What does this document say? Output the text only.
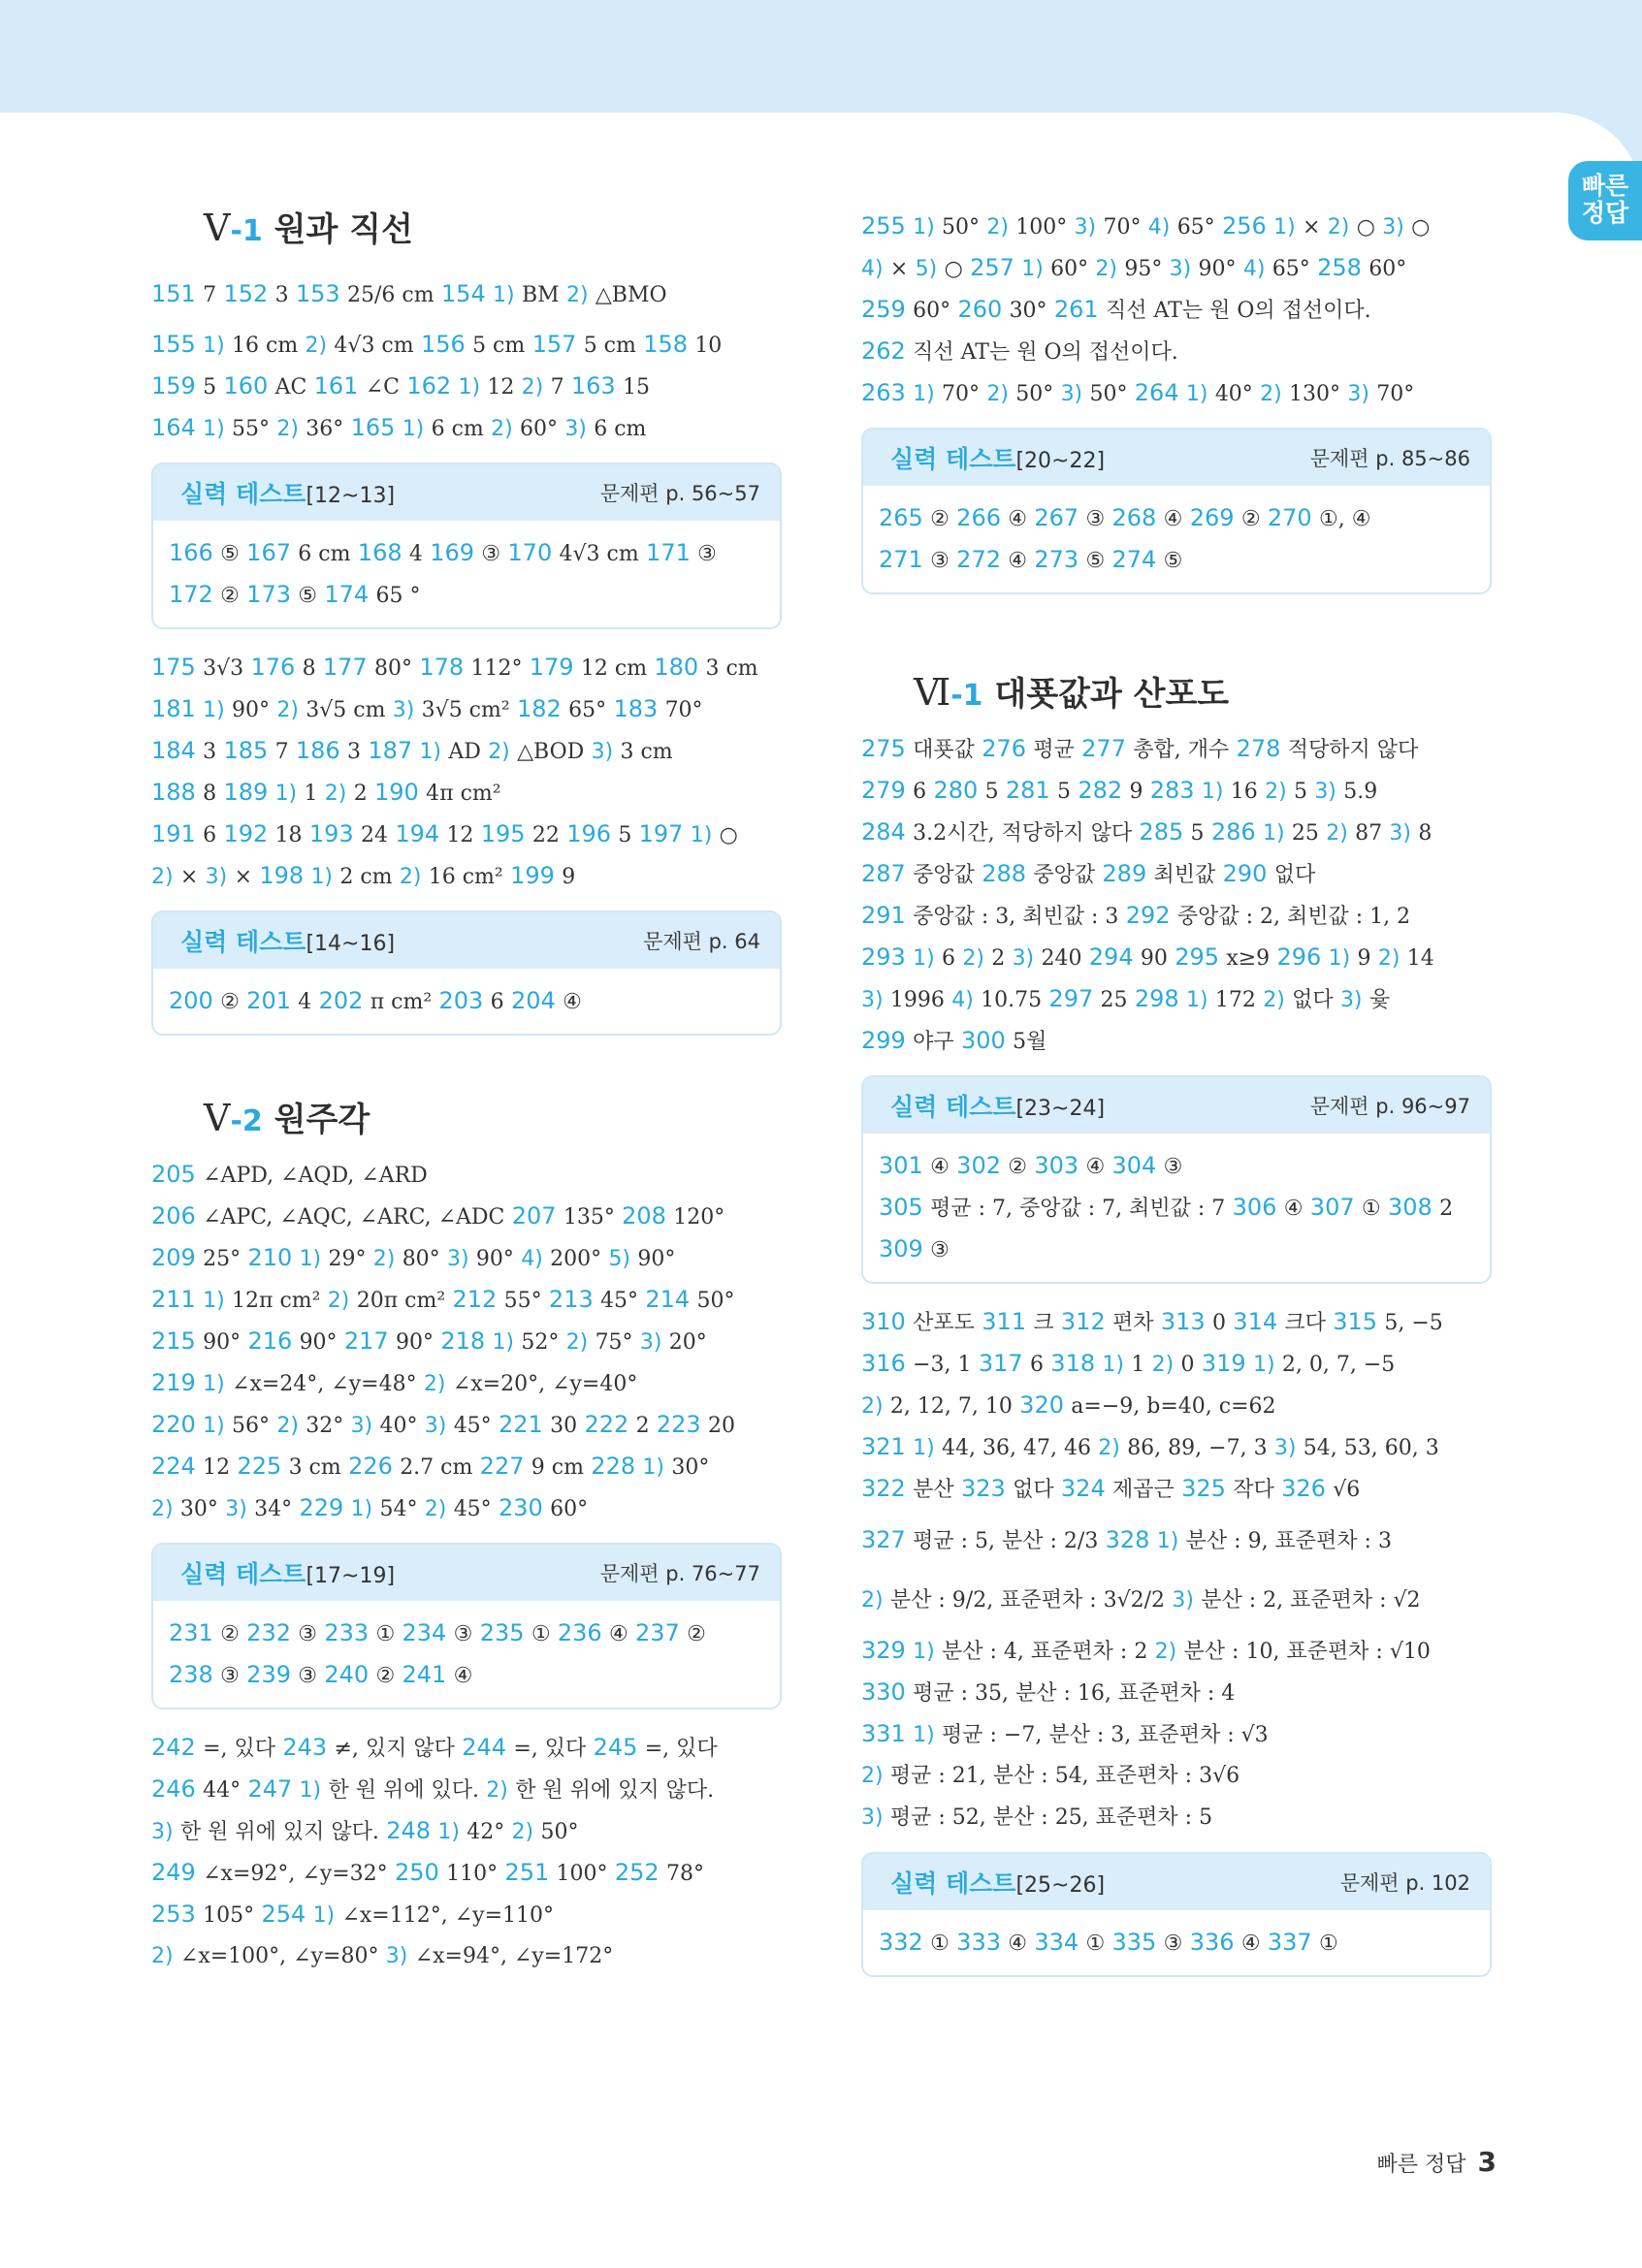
빠른
정답
Ⅴ-1 원과 직선
151 7 152 3 153 25/6 cm 154 1) BM 2) △BMO
155 1) 16 cm 2) 4√3 cm 156 5 cm 157 5 cm 158 10
159 5 160 AC 161 ∠C 162 1) 12 2) 7 163 15
164 1) 55° 2) 36° 165 1) 6 cm 2) 60° 3) 6 cm
실력 테스트[12~13]	문제편 p. 56~57
166 ⑤ 167 6 cm 168 4 169 ③ 170 4√3 cm 171 ③
172 ② 173 ⑤ 174 65 °
175 3√3 176 8 177 80° 178 112° 179 12 cm 180 3 cm
181 1) 90° 2) 3√5 cm 3) 3√5 cm² 182 65° 183 70°
184 3 185 7 186 3 187 1) AD 2) △BOD 3) 3 cm
188 8 189 1) 1 2) 2 190 4π cm²
191 6 192 18 193 24 194 12 195 22 196 5 197 1) ○
2) × 3) × 198 1) 2 cm 2) 16 cm² 199 9
실력 테스트[14~16]	문제편 p. 64
200 ② 201 4 202 π cm² 203 6 204 ④
Ⅴ-2 원주각
205 ∠APD, ∠AQD, ∠ARD
206 ∠APC, ∠AQC, ∠ARC, ∠ADC 207 135° 208 120°
209 25° 210 1) 29° 2) 80° 3) 90° 4) 200° 5) 90°
211 1) 12π cm² 2) 20π cm² 212 55° 213 45° 214 50°
215 90° 216 90° 217 90° 218 1) 52° 2) 75° 3) 20°
219 1) ∠x=24°, ∠y=48° 2) ∠x=20°, ∠y=40°
220 1) 56° 2) 32° 3) 40° 3) 45° 221 30 222 2 223 20
224 12 225 3 cm 226 2.7 cm 227 9 cm 228 1) 30°
2) 30° 3) 34° 229 1) 54° 2) 45° 230 60°
실력 테스트[17~19]	문제편 p. 76~77
231 ② 232 ③ 233 ① 234 ③ 235 ① 236 ④ 237 ②
238 ③ 239 ③ 240 ② 241 ④
242 =, 있다 243 ≠, 있지 않다 244 =, 있다 245 =, 있다
246 44° 247 1) 한 원 위에 있다. 2) 한 원 위에 있지 않다.
3) 한 원 위에 있지 않다. 248 1) 42° 2) 50°
249 ∠x=92°, ∠y=32° 250 110° 251 100° 252 78°
253 105° 254 1) ∠x=112°, ∠y=110°
2) ∠x=100°, ∠y=80° 3) ∠x=94°, ∠y=172°
255 1) 50° 2) 100° 3) 70° 4) 65° 256 1) × 2) ○ 3) ○
4) × 5) ○ 257 1) 60° 2) 95° 3) 90° 4) 65° 258 60°
259 60° 260 30° 261 직선 AT는 원 O의 접선이다.
262 직선 AT는 원 O의 접선이다.
263 1) 70° 2) 50° 3) 50° 264 1) 40° 2) 130° 3) 70°
실력 테스트[20~22]	문제편 p. 85~86
265 ② 266 ④ 267 ③ 268 ④ 269 ② 270 ①, ④
271 ③ 272 ④ 273 ⑤ 274 ⑤
Ⅵ-1 대푯값과 산포도
275 대푯값 276 평균 277 총합, 개수 278 적당하지 않다
279 6 280 5 281 5 282 9 283 1) 16 2) 5 3) 5.9
284 3.2시간, 적당하지 않다 285 5 286 1) 25 2) 87 3) 8
287 중앙값 288 중앙값 289 최빈값 290 없다
291 중앙값 : 3, 최빈값 : 3 292 중앙값 : 2, 최빈값 : 1, 2
293 1) 6 2) 2 3) 240 294 90 295 x≥9 296 1) 9 2) 14
3) 1996 4) 10.75 297 25 298 1) 172 2) 없다 3) 윷
299 야구 300 5월
실력 테스트[23~24]	문제편 p. 96~97
301 ④ 302 ② 303 ④ 304 ③
305 평균 : 7, 중앙값 : 7, 최빈값 : 7 306 ④ 307 ① 308 2
309 ③
310 산포도 311 크 312 편차 313 0 314 크다 315 5, −5
316 −3, 1 317 6 318 1) 1 2) 0 319 1) 2, 0, 7, −5
2) 2, 12, 7, 10 320 a=−9, b=40, c=62
321 1) 44, 36, 47, 46 2) 86, 89, −7, 3 3) 54, 53, 60, 3
322 분산 323 없다 324 제곱근 325 작다 326 √6
327 평균 : 5, 분산 : 2/3 328 1) 분산 : 9, 표준편차 : 3
2) 분산 : 9/2, 표준편차 : 3√2/2 3) 분산 : 2, 표준편차 : √2
329 1) 분산 : 4, 표준편차 : 2 2) 분산 : 10, 표준편차 : √10
330 평균 : 35, 분산 : 16, 표준편차 : 4
331 1) 평균 : −7, 분산 : 3, 표준편차 : √3
2) 평균 : 21, 분산 : 54, 표준편차 : 3√6
3) 평균 : 52, 분산 : 25, 표준편차 : 5
실력 테스트[25~26]	문제편 p. 102
332 ① 333 ④ 334 ① 335 ③ 336 ④ 337 ①
빠른 정답 3
